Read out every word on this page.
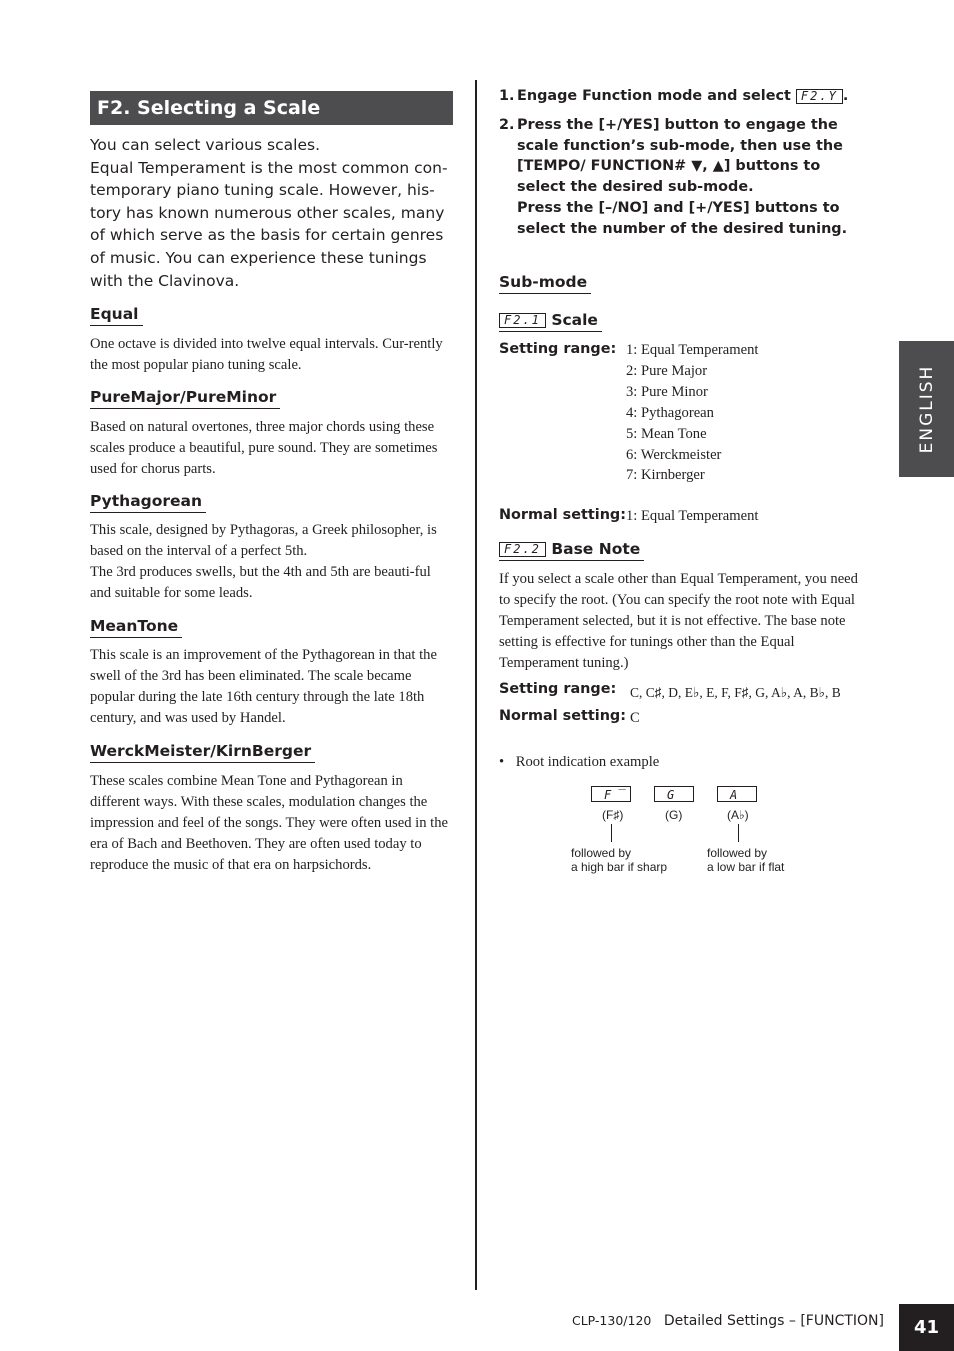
F2. Selecting a Scale

You can select various scales.

Equal Temperament is the most common con-temporary piano tuning scale. However, his-tory has known numerous other scales, many of which serve as the basis for certain genres of music. You can experience these tunings with the Clavinova.

Equal

One octave is divided into twelve equal intervals. Cur-rently the most popular piano tuning scale.

PureMajor/PureMinor

Based on natural overtones, three major chords using these scales produce a beautiful, pure sound. They are sometimes used for chorus parts.

Pythagorean

This scale, designed by Pythagoras, a Greek philosopher, is based on the interval of a perfect 5th.

The 3rd produces swells, but the 4th and 5th are beauti-ful and suitable for some leads.

MeanTone

This scale is an improvement of the Pythagorean in that the swell of the 3rd has been eliminated. The scale became popular during the late 16th century through the late 18th century, and was used by Handel.

WerckMeister/KirnBerger

These scales combine Mean Tone and Pythagorean in different ways. With these scales, modulation changes the impression and feel of the songs. They were often used in the era of Bach and Beethoven. They are often used today to reproduce the music of that era on harpsichords.

1. Engage Function mode and select F2.Y .

2. Press the [+/YES] button to engage the scale function’s sub-mode, then use the [TEMPO/ FUNCTION# ▼, ▲] buttons to select the desired sub-mode.

Press the [–/NO] and [+/YES] buttons to select the number of the desired tuning.

Sub-mode
F2.1 Scale
Setting range: 1: Equal Temperament
2: Pure Major
3: Pure Minor
4: Pythagorean
5: Mean Tone
6: Werckmeister
7: Kirnberger
Normal setting: 1: Equal Temperament
F2.2 Base Note
If you select a scale other than Equal Temperament, you need to specify the root. (You can specify the root note with Equal Temperament selected, but it is not effective. The base note setting is effective for tunings other than the Equal Temperament tuning.)
Setting range: C, C♯, D, E♭, E, F, F♯, G, A♭, A, B♭, B
Normal setting: C
• Root indication example
F ‾	G	A _
(F♯)	(G)	(A♭)
followed by
a high bar if sharp
followed by
a low bar if flat
ENGLISH
CLP-130/120 Detailed Settings – [FUNCTION]	41
